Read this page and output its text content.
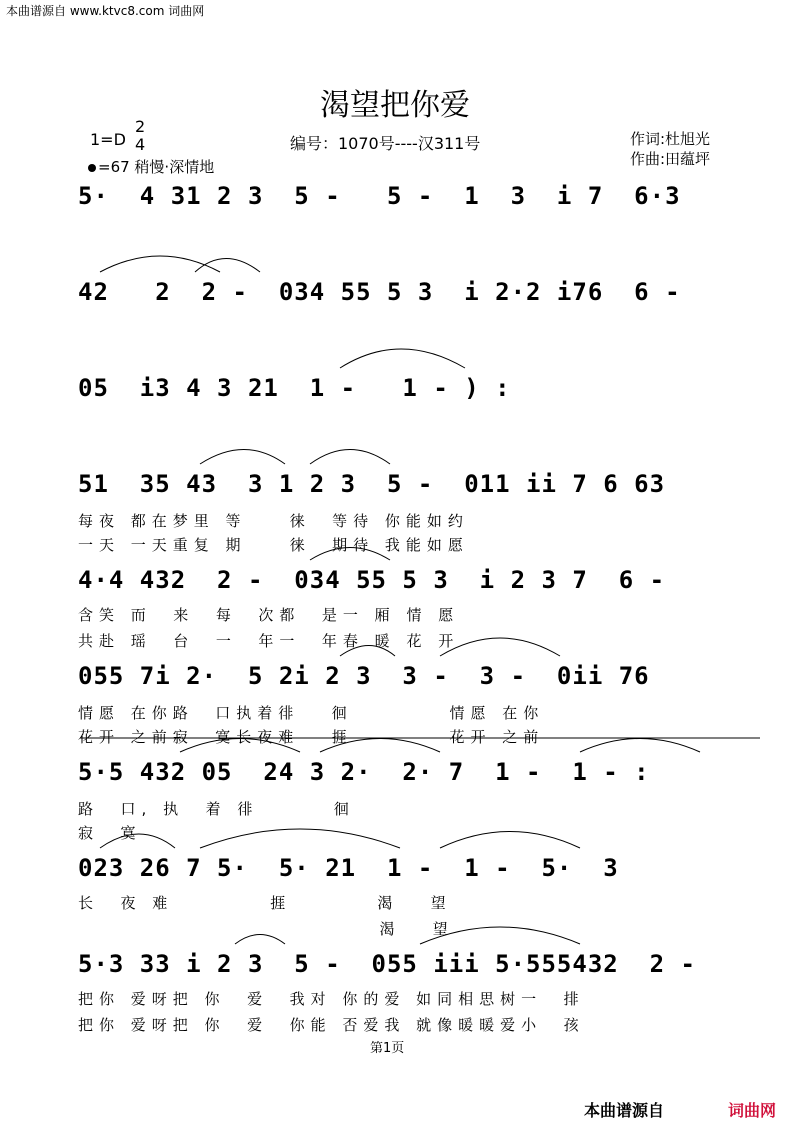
本曲谱源自 www.ktvc8.com 词曲网
渴望把你爱
1=D
2
4	编号：1070号----汉311号	作词:杜旭光
作曲:田蕴坪
=67 稍慢·深情地
5·  4 31 2 3  5 -   5 -  1  3  i 7  6·3
42   2  2 -  034 55 5 3  i 2·2 i76  6 -
05  i3 4 3 21  1 -   1 - ) :
51  35 43  3 1 2 3  5 -  011 ii 7 6 63
每夜 都在梦里 等    徕  等待 你能如约
一天 一天重复 期    徕  期待 我能如愿
4·4 432  2 -  034 55 5 3  i 2 3 7  6 -
含笑 而  来  每  次都  是一 厢 情 愿
共赴 瑶  台  一  年一  年春 暖 花 开
055 7i 2·  5 2i 2 3  3 -  3 -  0ii 76
情愿 在你路  口执着徘   徊         情愿 在你
花开 之前寂  寞长夜难   捱         花开 之前
5·5 432 05  24 3 2·  2· 7  1 -  1 - :
路  口, 执  着 徘       徊
寂  寞
023 26 7 5·  5· 21  1 -  1 -  5·  3
长  夜 难         捱        渴   望
渴   望
5·3 33 i 2 3  5 -  055 iii 5·555432  2 -
把你 爱呀把 你  爱  我对 你的爱 如同相思树一  排
把你 爱呀把 你  爱  你能 否爱我 就像暖暖爱小  孩
第1页
本曲谱源自	词曲网
